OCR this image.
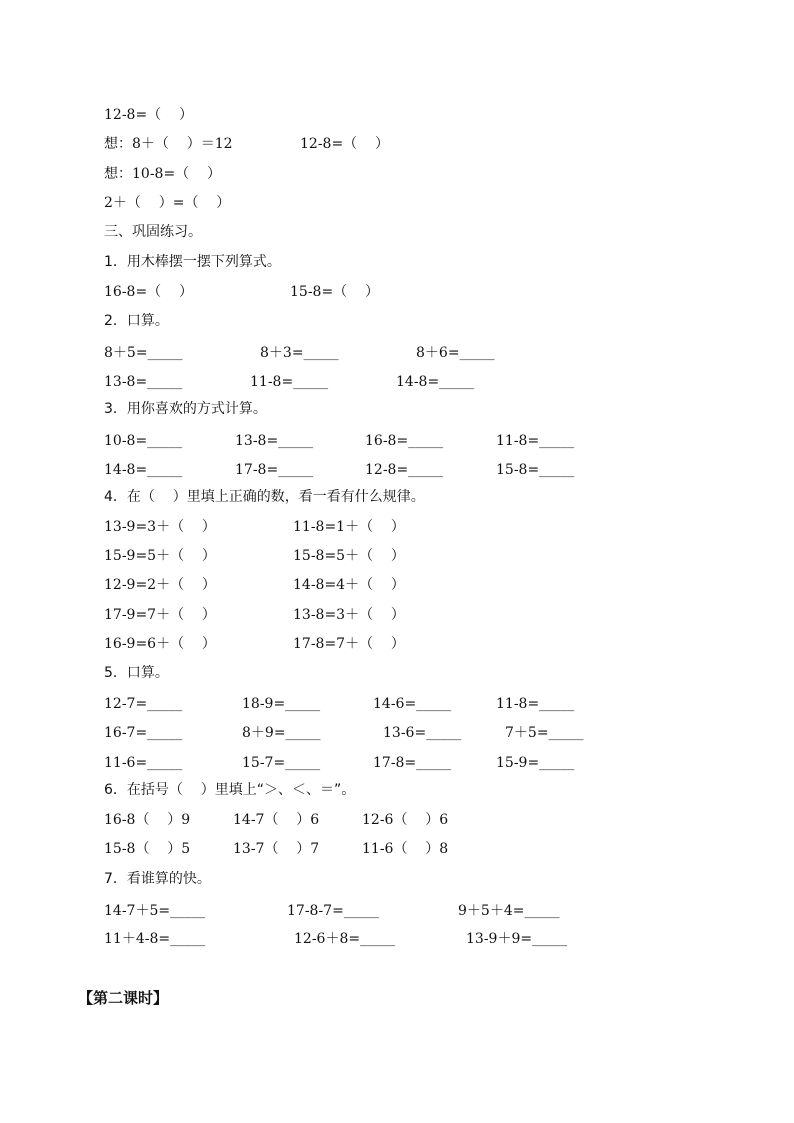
12-8=（    ）
想：8＋（    ）＝12	12-8=（    ）
想：10-8=（    ）
2＋（    ）=（    ）
三、巩固练习。
1．用木棒摆一摆下列算式。
16-8=（    ）	15-8=（    ）
2．口算。
8＋5=_____	8＋3=_____	8＋6=_____
13-8=_____	11-8=_____	14-8=_____
3．用你喜欢的方式计算。
10-8=_____	13-8=_____	16-8=_____	11-8=_____
14-8=_____	17-8=_____	12-8=_____	15-8=_____
4．在（    ）里填上正确的数，看一看有什么规律。
13-9=3＋（    ）	11-8=1＋（    ）
15-9=5＋（    ）	15-8=5＋（    ）
12-9=2＋（    ）	14-8=4＋（    ）
17-9=7＋（    ）	13-8=3＋（    ）
16-9=6＋（    ）	17-8=7＋（    ）
5．口算。
12-7=_____	18-9=_____	14-6=_____	11-8=_____
16-7=_____	8＋9=_____	13-6=_____	7＋5=_____
11-6=_____	15-7=_____	17-8=_____	15-9=_____
6．在括号（    ）里填上“＞、＜、＝”。
16-8（    ）9	14-7（    ）6	12-6（    ）6
15-8（    ）5	13-7（    ）7	11-6（    ）8
7．看谁算的快。
14-7＋5=_____	17-8-7=_____	9＋5＋4=_____
11＋4-8=_____	12-6＋8=_____	13-9＋9=_____
【第二课时】
